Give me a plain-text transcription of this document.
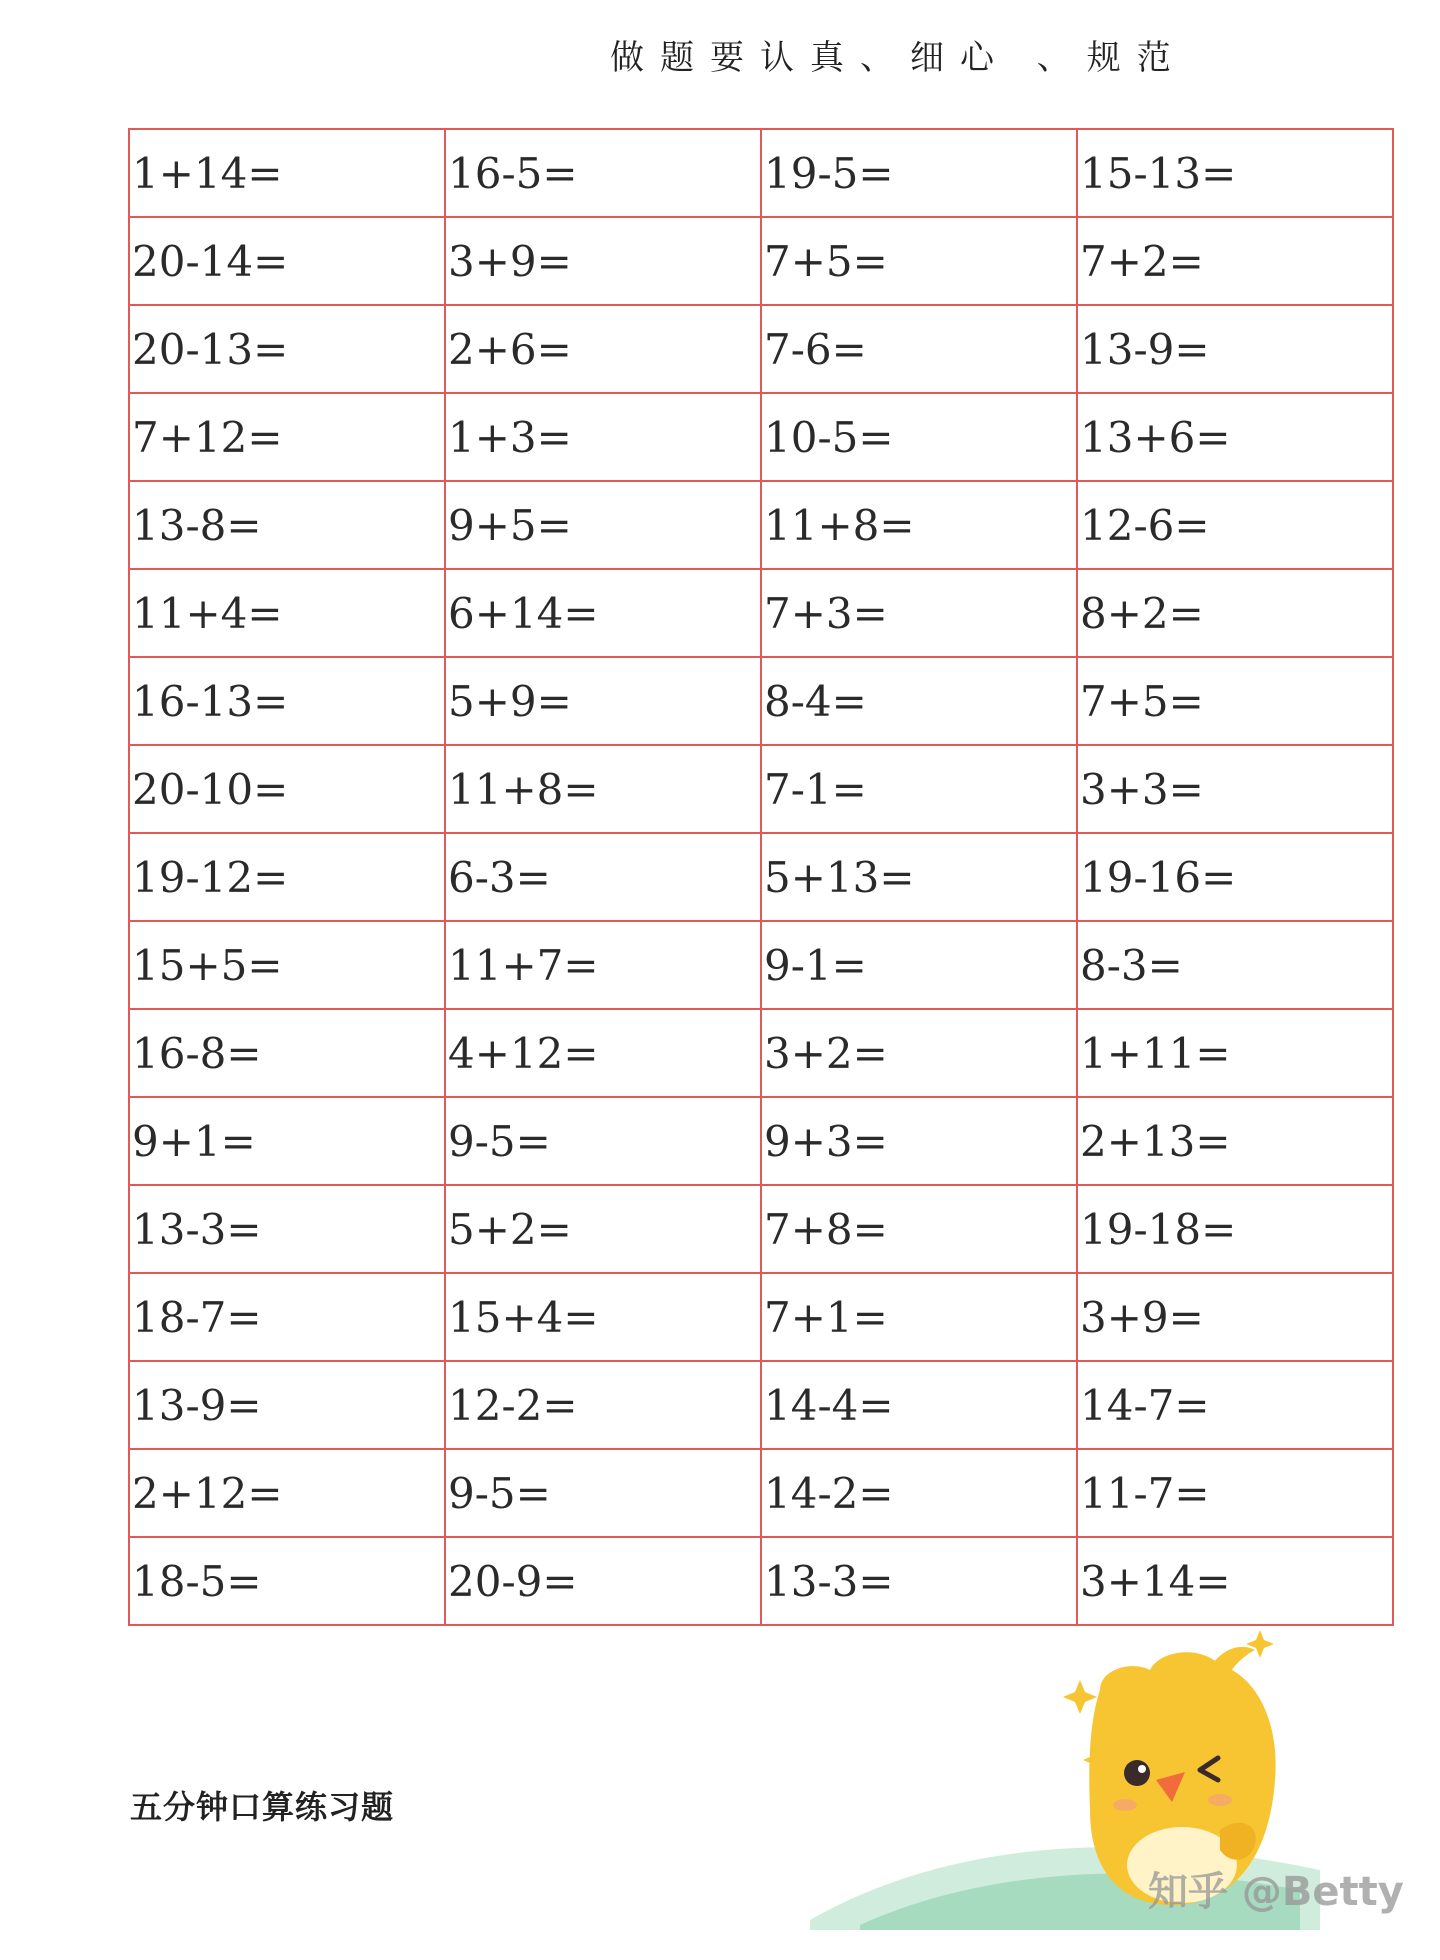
做题要认真、细心 、规范
1+14=	16-5=	19-5=	15-13=
20-14=	3+9=	7+5=	7+2=
20-13=	2+6=	7-6=	13-9=
7+12=	1+3=	10-5=	13+6=
13-8=	9+5=	11+8=	12-6=
11+4=	6+14=	7+3=	8+2=
16-13=	5+9=	8-4=	7+5=
20-10=	11+8=	7-1=	3+3=
19-12=	6-3=	5+13=	19-16=
15+5=	11+7=	9-1=	8-3=
16-8=	4+12=	3+2=	1+11=
9+1=	9-5=	9+3=	2+13=
13-3=	5+2=	7+8=	19-18=
18-7=	15+4=	7+1=	3+9=
13-9=	12-2=	14-4=	14-7=
2+12=	9-5=	14-2=	11-7=
18-5=	20-9=	13-3=	3+14=
五分钟口算练习题
知乎 @Betty
